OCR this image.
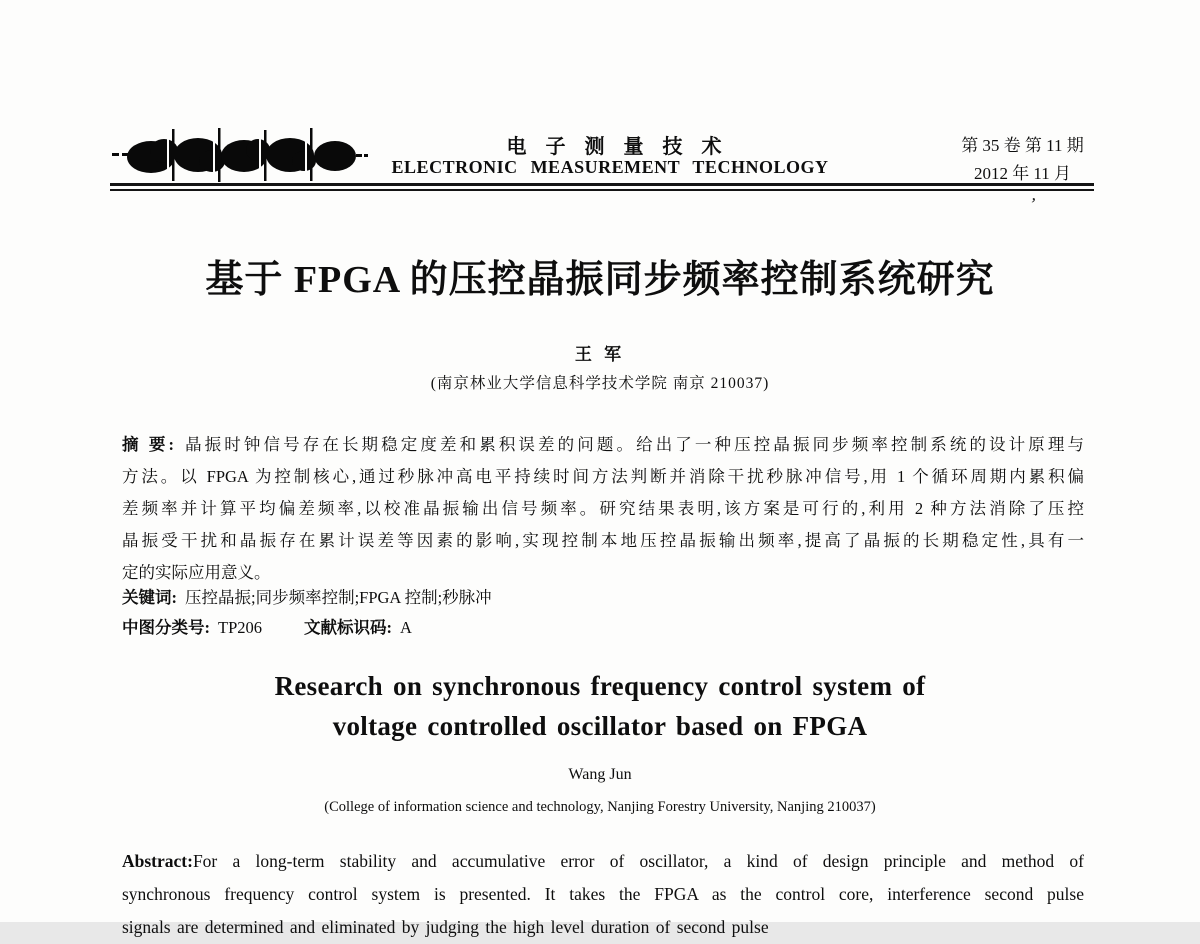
电 子 测 量 技 术
ELECTRONIC MEASUREMENT TECHNOLOGY
第 35 卷 第 11 期
2012 年 11 月
’
基于 FPGA 的压控晶振同步频率控制系统研究
王 军
(南京林业大学信息科学技术学院 南京 210037)
摘 要: 晶振时钟信号存在长期稳定度差和累积误差的问题。给出了一种压控晶振同步频率控制系统的设计原理与
方法。以 FPGA 为控制核心,通过秒脉冲高电平持续时间方法判断并消除干扰秒脉冲信号,用 1 个循环周期内累积偏
差频率并计算平均偏差频率,以校准晶振输出信号频率。研究结果表明,该方案是可行的,利用 2 种方法消除了压控
晶振受干扰和晶振存在累计误差等因素的影响,实现控制本地压控晶振输出频率,提高了晶振的长期稳定性,具有一
定的实际应用意义。
关键词: 压控晶振;同步频率控制;FPGA 控制;秒脉冲
中图分类号: TP206	文献标识码: A
Research on synchronous frequency control system of
voltage controlled oscillator based on FPGA
Wang Jun
(College of information science and technology, Nanjing Forestry University, Nanjing 210037)
Abstract:For a long-term stability and accumulative error of oscillator, a kind of design principle and method of
synchronous frequency control system is presented. It takes the FPGA as the control core, interference second pulse
signals are determined and eliminated by judging the high level duration of second pulse
